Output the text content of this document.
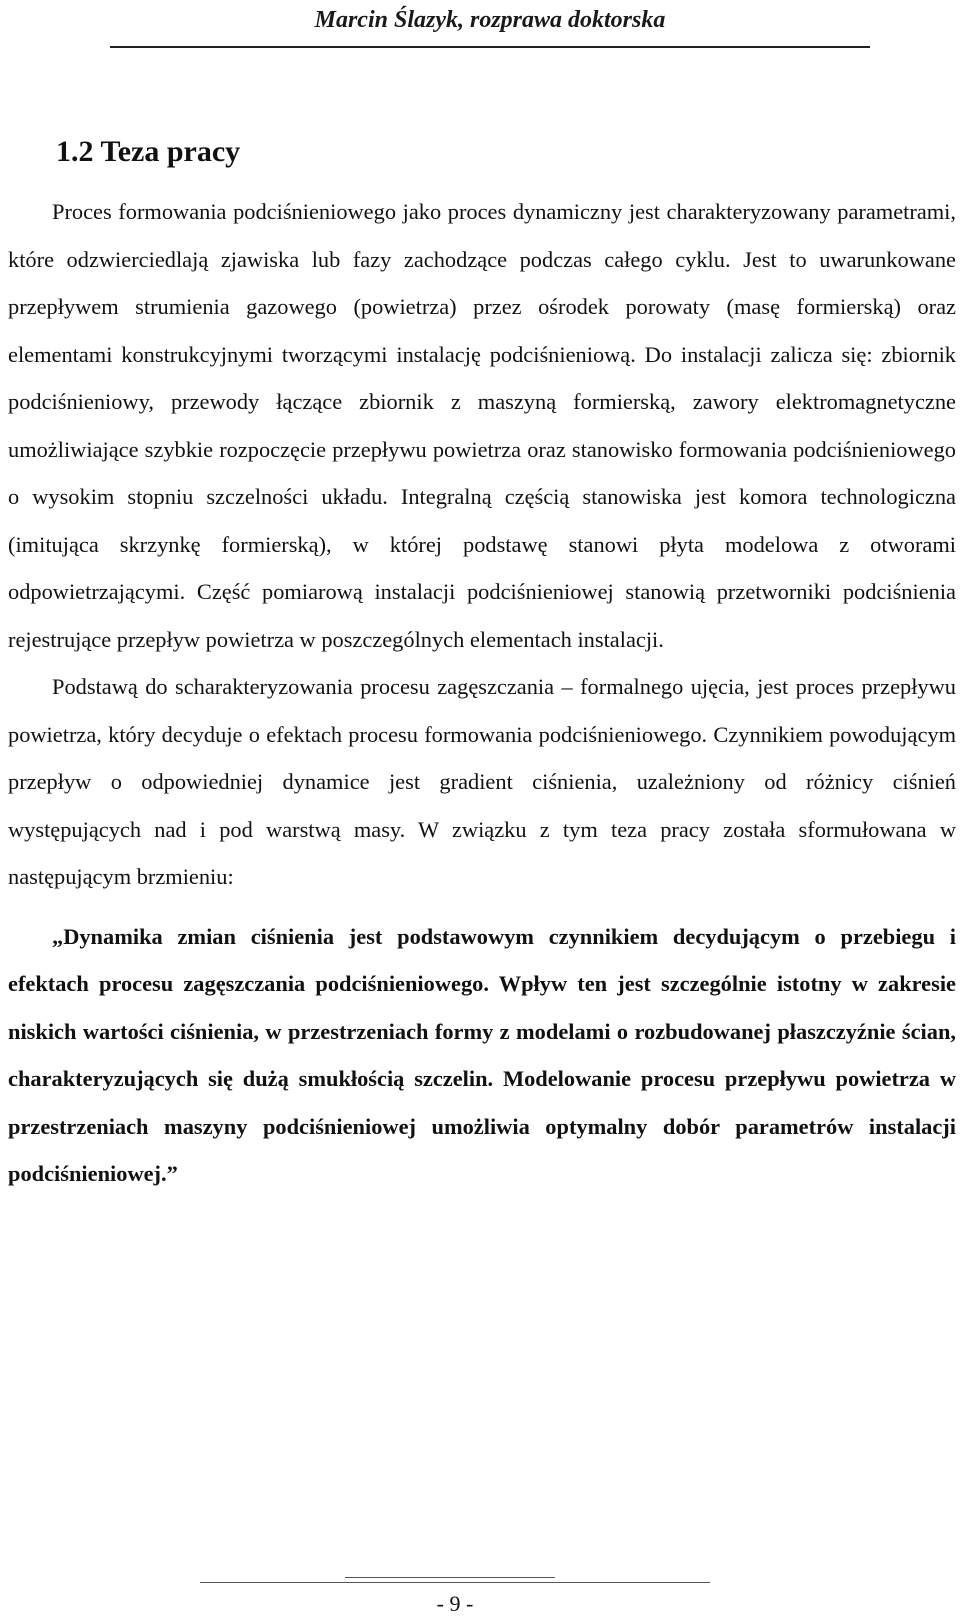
Marcin Ślazyk, rozprawa doktorska
1.2 Teza pracy

Proces formowania podciśnieniowego jako proces dynamiczny jest charakteryzowany parametrami, które odzwierciedlają zjawiska lub fazy zachodzące podczas całego cyklu. Jest to uwarunkowane przepływem strumienia gazowego (powietrza) przez ośrodek porowaty (masę formierską) oraz elementami konstrukcyjnymi tworzącymi instalację podciśnieniową. Do instalacji zalicza się: zbiornik podciśnieniowy, przewody łączące zbiornik z maszyną formierską, zawory elektromagnetyczne umożliwiające szybkie rozpoczęcie przepływu powietrza oraz stanowisko formowania podciśnieniowego o wysokim stopniu szczelności układu. Integralną częścią stanowiska jest komora technologiczna (imitująca skrzynkę formierską), w której podstawę stanowi płyta modelowa z otworami odpowietrzającymi. Część pomiarową instalacji podciśnieniowej stanowią przetworniki podciśnienia rejestrujące przepływ powietrza w poszczególnych elementach instalacji.

Podstawą do scharakteryzowania procesu zagęszczania – formalnego ujęcia, jest proces przepływu powietrza, który decyduje o efektach procesu formowania podciśnieniowego. Czynnikiem powodującym przepływ o odpowiedniej dynamice jest gradient ciśnienia, uzależniony od różnicy ciśnień występujących nad i pod warstwą masy. W związku z tym teza pracy została sformułowana w następującym brzmieniu:

„Dynamika zmian ciśnienia jest podstawowym czynnikiem decydującym o przebiegu i efektach procesu zagęszczania podciśnieniowego. Wpływ ten jest szczególnie istotny w zakresie niskich wartości ciśnienia, w przestrzeniach formy z modelami o rozbudowanej płaszczyźnie ścian, charakteryzujących się dużą smukłością szczelin. Modelowanie procesu przepływu powietrza w przestrzeniach maszyny podciśnieniowej umożliwia optymalny dobór parametrów instalacji podciśnieniowej.”

- 9 -
